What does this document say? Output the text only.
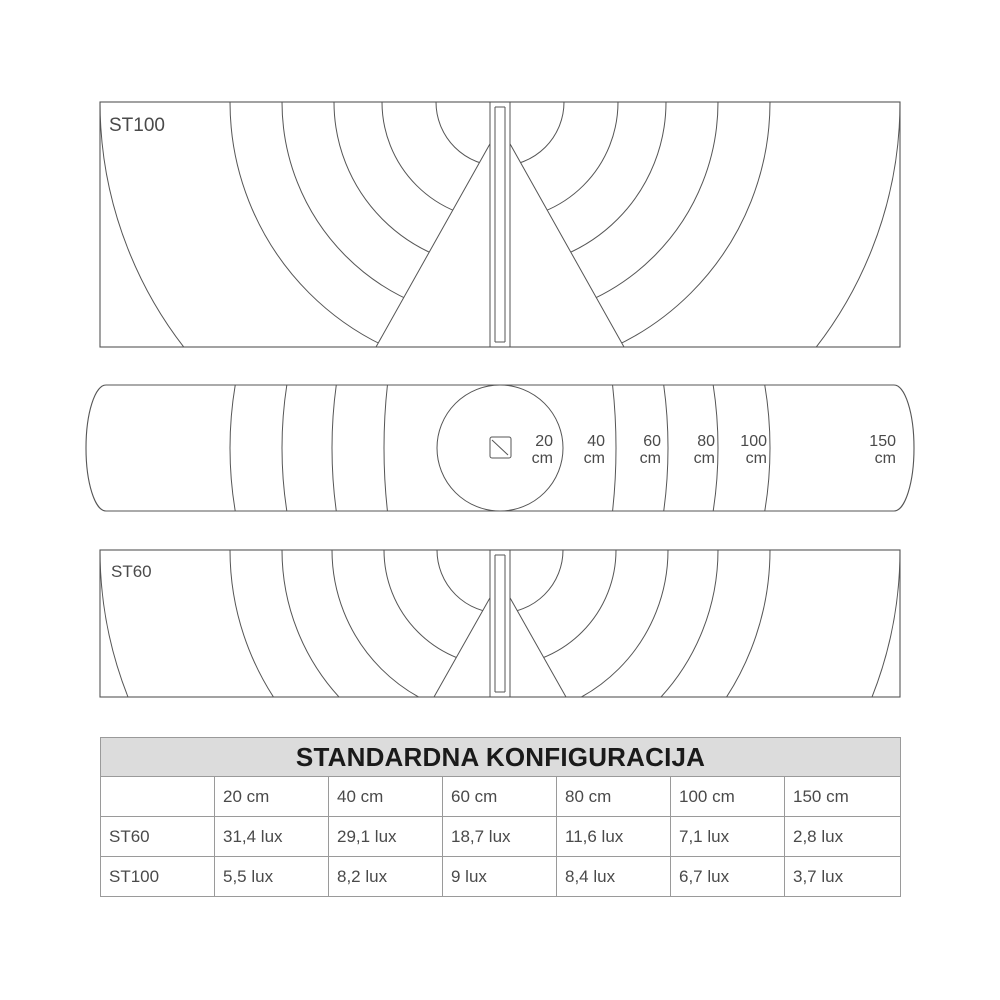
ST100
20
cm
40
cm
60
cm
80
cm
100
cm
150
cm
ST60
STANDARDNA KONFIGURACIJA						
	20 cm	40 cm	60 cm	80 cm	100 cm	150 cm
ST60	31,4 lux	29,1 lux	18,7 lux	11,6 lux	7,1 lux	2,8 lux
ST100	5,5 lux	8,2 lux	9 lux	8,4 lux	6,7 lux	3,7 lux
